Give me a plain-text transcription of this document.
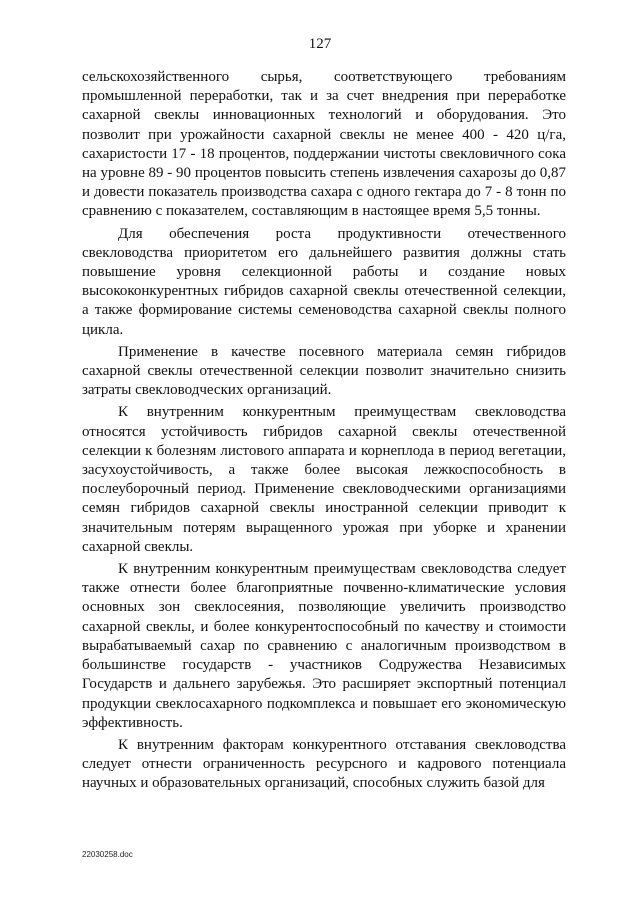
127

сельскохозяйственного сырья, соответствующего требованиям промышленной переработки, так и за счет внедрения при переработке сахарной свеклы инновационных технологий и оборудования. Это позволит при урожайности сахарной свеклы не менее 400 - 420 ц/га, сахаристости 17 - 18 процентов, поддержании чистоты свекловичного сока на уровне 89 - 90 процентов повысить степень извлечения сахарозы до 0,87 и довести показатель производства сахара с одного гектара до 7 - 8 тонн по сравнению с показателем, составляющим в настоящее время 5,5 тонны.

Для обеспечения роста продуктивности отечественного свекловодства приоритетом его дальнейшего развития должны стать повышение уровня селекционной работы и создание новых высококонкурентных гибридов сахарной свеклы отечественной селекции, а также формирование системы семеноводства сахарной свеклы полного цикла.

Применение в качестве посевного материала семян гибридов сахарной свеклы отечественной селекции позволит значительно снизить затраты свекловодческих организаций.

К внутренним конкурентным преимуществам свекловодства относятся устойчивость гибридов сахарной свеклы отечественной селекции к болезням листового аппарата и корнеплода в период вегетации, засухоустойчивость, а также более высокая лежкоспособность в послеуборочный период. Применение свекловодческими организациями семян гибридов сахарной свеклы иностранной селекции приводит к значительным потерям выращенного урожая при уборке и хранении сахарной свеклы.

К внутренним конкурентным преимуществам свекловодства следует также отнести более благоприятные почвенно-климатические условия основных зон свеклосеяния, позволяющие увеличить производство сахарной свеклы, и более конкурентоспособный по качеству и стоимости вырабатываемый сахар по сравнению с аналогичным производством в большинстве государств - участников Содружества Независимых Государств и дальнего зарубежья. Это расширяет экспортный потенциал продукции свеклосахарного подкомплекса и повышает его экономическую эффективность.

К внутренним факторам конкурентного отставания свекловодства следует отнести ограниченность ресурсного и кадрового потенциала научных и образовательных организаций, способных служить базой для

22030258.doc
